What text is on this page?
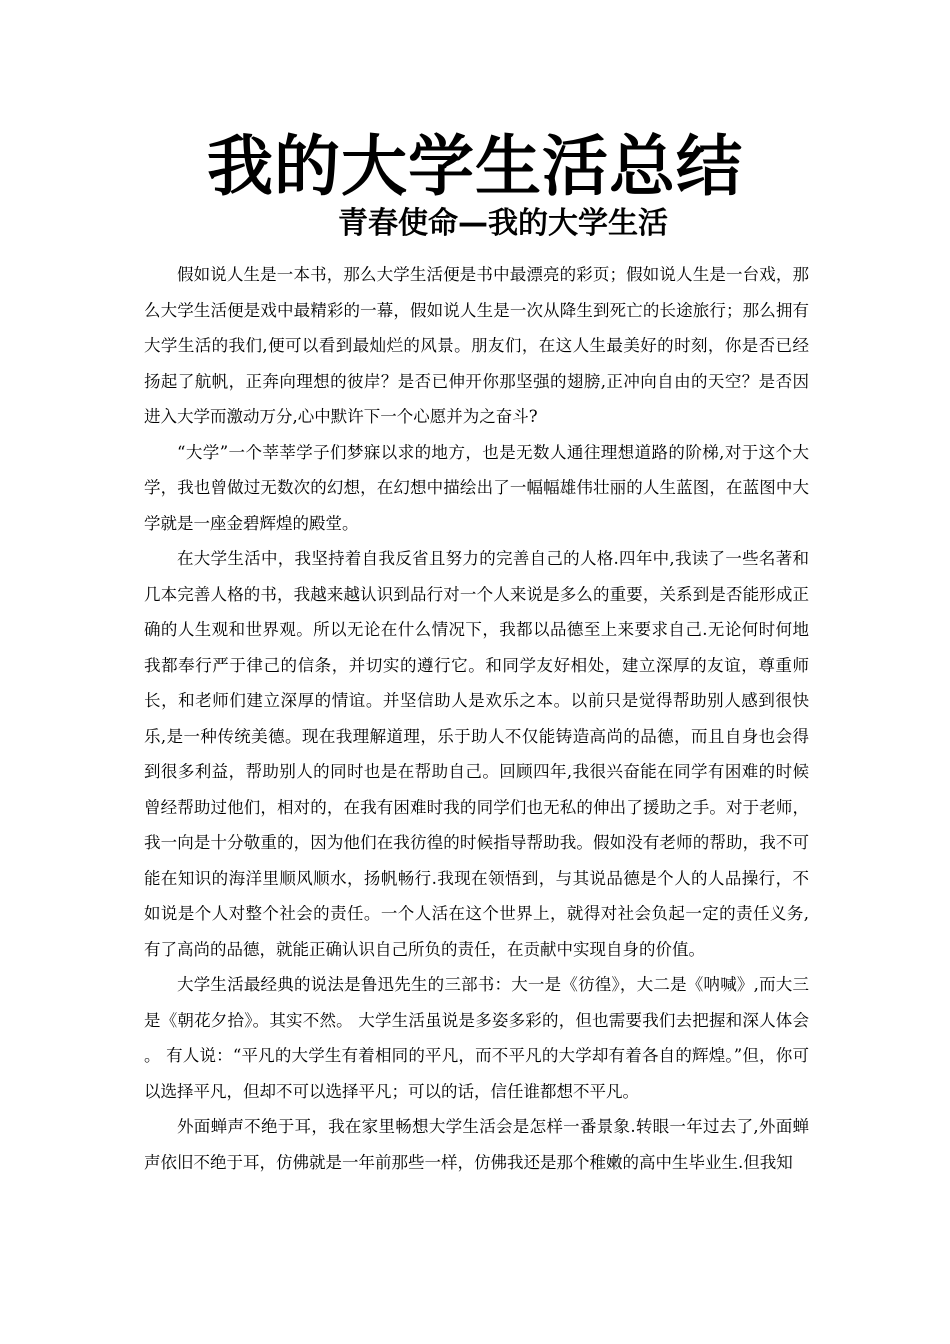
我的大学生活总结
青春使命—我的大学生活

假如说人生是一本书，那么大学生活便是书中最漂亮的彩页；假如说人生是一台戏，那么大学生活便是戏中最精彩的一幕，假如说人生是一次从降生到死亡的长途旅行；那么拥有大学生活的我们,便可以看到最灿烂的风景。朋友们，在这人生最美好的时刻，你是否已经扬起了航帆，正奔向理想的彼岸？是否已伸开你那坚强的翅膀,正冲向自由的天空？是否因进入大学而激动万分,心中默许下一个心愿并为之奋斗?

“大学”一个莘莘学子们梦寐以求的地方，也是无数人通往理想道路的阶梯,对于这个大学，我也曾做过无数次的幻想，在幻想中描绘出了一幅幅雄伟壮丽的人生蓝图，在蓝图中大学就是一座金碧辉煌的殿堂。

在大学生活中，我坚持着自我反省且努力的完善自己的人格.四年中,我读了一些名著和几本完善人格的书，我越来越认识到品行对一个人来说是多么的重要，关系到是否能形成正确的人生观和世界观。所以无论在什么情况下，我都以品德至上来要求自己.无论何时何地我都奉行严于律己的信条，并切实的遵行它。和同学友好相处，建立深厚的友谊，尊重师长，和老师们建立深厚的情谊。并坚信助人是欢乐之本。以前只是觉得帮助别人感到很快乐,是一种传统美德。现在我理解道理，乐于助人不仅能铸造高尚的品德，而且自身也会得到很多利益，帮助别人的同时也是在帮助自己。回顾四年,我很兴奋能在同学有困难的时候曾经帮助过他们，相对的，在我有困难时我的同学们也无私的伸出了援助之手。对于老师，我一向是十分敬重的，因为他们在我彷徨的时候指导帮助我。假如没有老师的帮助，我不可能在知识的海洋里顺风顺水，扬帆畅行.我现在领悟到，与其说品德是个人的人品操行，不如说是个人对整个社会的责任。一个人活在这个世界上，就得对社会负起一定的责任义务,有了高尚的品德，就能正确认识自己所负的责任，在贡献中实现自身的价值。

大学生活最经典的说法是鲁迅先生的三部书：大一是《彷徨》，大二是《呐喊》,而大三是《朝花夕拾》。其实不然。 大学生活虽说是多姿多彩的，但也需要我们去把握和深人体会 。 有人说：“平凡的大学生有着相同的平凡，而不平凡的大学却有着各自的辉煌。”但，你可以选择平凡，但却不可以选择平凡；可以的话，信任谁都想不平凡。

外面蝉声不绝于耳，我在家里畅想大学生活会是怎样一番景象.转眼一年过去了,外面蝉声依旧不绝于耳，仿佛就是一年前那些一样，仿佛我还是那个稚嫩的高中生毕业生.但我知
